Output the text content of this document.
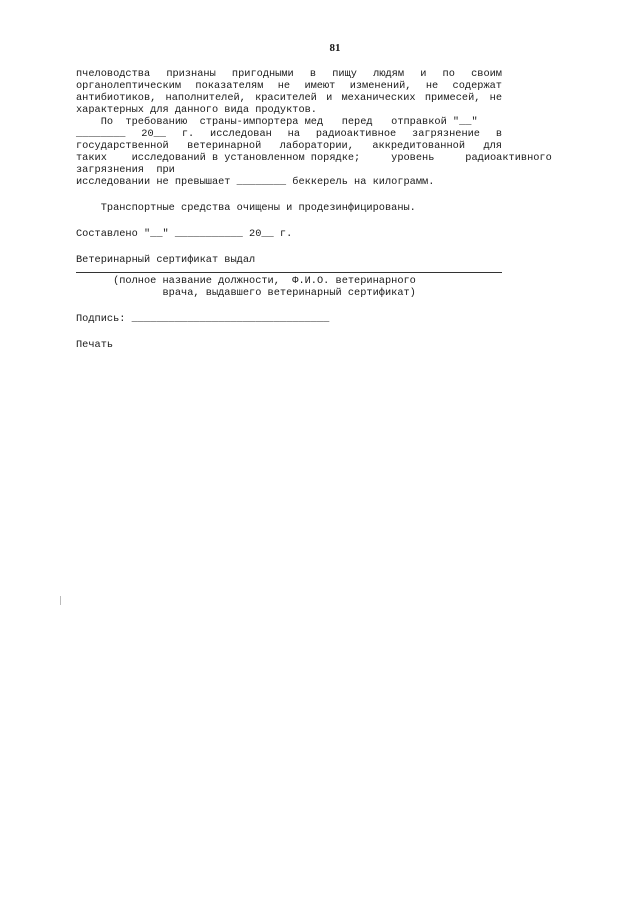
81
пчеловодства признаны пригодными в пищу людям и по своим
органолептическим показателям не имеют изменений, не содержат
антибиотиков, наполнителей, красителей и механических примесей, не
характерных для данного вида продуктов.
По  требованию  страны-импортера мед   перед   отправкой "__"
________ 20__ г. исследован на радиоактивное загрязнение в
государственной ветеринарной лаборатории, аккредитованной для
таких    исследований в установленном порядке;     уровень     радиоактивного
загрязнения  при
исследовании не превышает ________ беккерель на килограмм.
Транспортные средства очищены и продезинфицированы.
Составлено "__" ___________ 20__ г.
Ветеринарный сертификат выдал
(полное название должности,  Ф.И.О. ветеринарного
врача, выдавшего ветеринарный сертификат)
Подпись: ________________________________
Печать
